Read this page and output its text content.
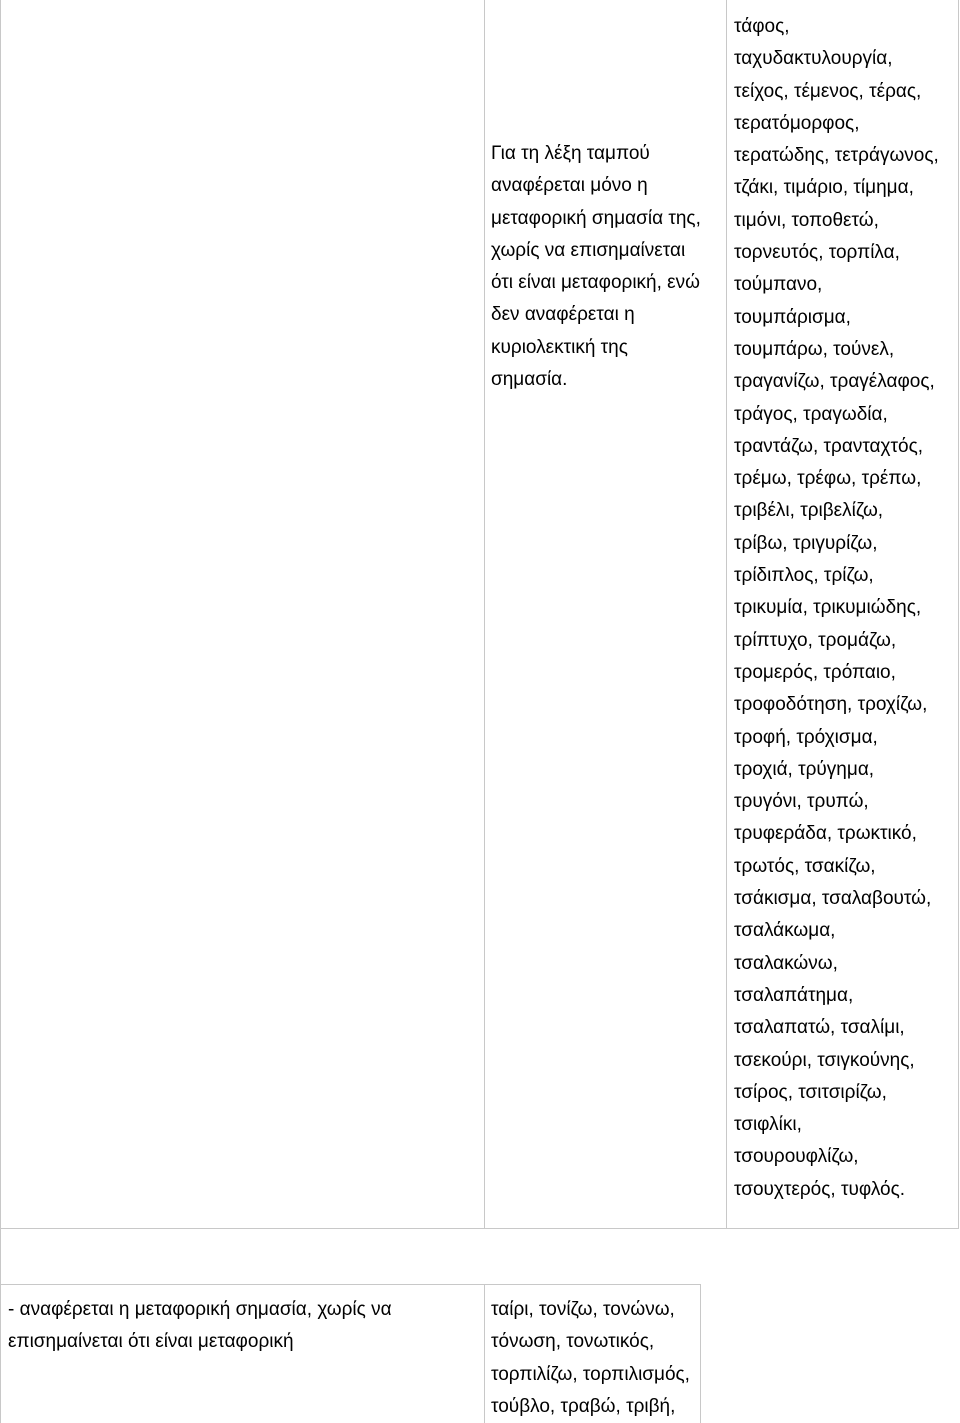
Για τη λέξη ταμπού
αναφέρεται μόνο η
μεταφορική σημασία της,
χωρίς να επισημαίνεται
ότι είναι μεταφορική, ενώ
δεν αναφέρεται η
κυριολεκτική της
σημασία.
τάφος,
ταχυδακτυλουργία,
τείχος, τέμενος, τέρας,
τερατόμορφος,
τερατώδης, τετράγωνος,
τζάκι, τιμάριο, τίμημα,
τιμόνι, τοποθετώ,
τορνευτός, τορπίλα,
τούμπανο,
τουμπάρισμα,
τουμπάρω, τούνελ,
τραγανίζω, τραγέλαφος,
τράγος, τραγωδία,
τραντάζω, τρανταχτός,
τρέμω, τρέφω, τρέπω,
τριβέλι, τριβελίζω,
τρίβω, τριγυρίζω,
τρίδιπλος, τρίζω,
τρικυμία, τρικυμιώδης,
τρίπτυχο, τρομάζω,
τρομερός, τρόπαιο,
τροφοδότηση, τροχίζω,
τροφή, τρόχισμα,
τροχιά, τρύγημα,
τρυγόνι, τρυπώ,
τρυφεράδα, τρωκτικό,
τρωτός, τσακίζω,
τσάκισμα, τσαλαβουτώ,
τσαλάκωμα,
τσαλακώνω,
τσαλαπάτημα,
τσαλαπατώ, τσαλίμι,
τσεκούρι, τσιγκούνης,
τσίρος, τσιτσιρίζω,
τσιφλίκι,
τσουρουφλίζω,
τσουχτερός, τυφλός.
- αναφέρεται η μεταφορική σημασία, χωρίς να
επισημαίνεται ότι είναι μεταφορική
ταίρι, τονίζω, τονώνω,
τόνωση, τονωτικός,
τορπιλίζω, τορπιλισμός,
τούβλο, τραβώ, τριβή,
